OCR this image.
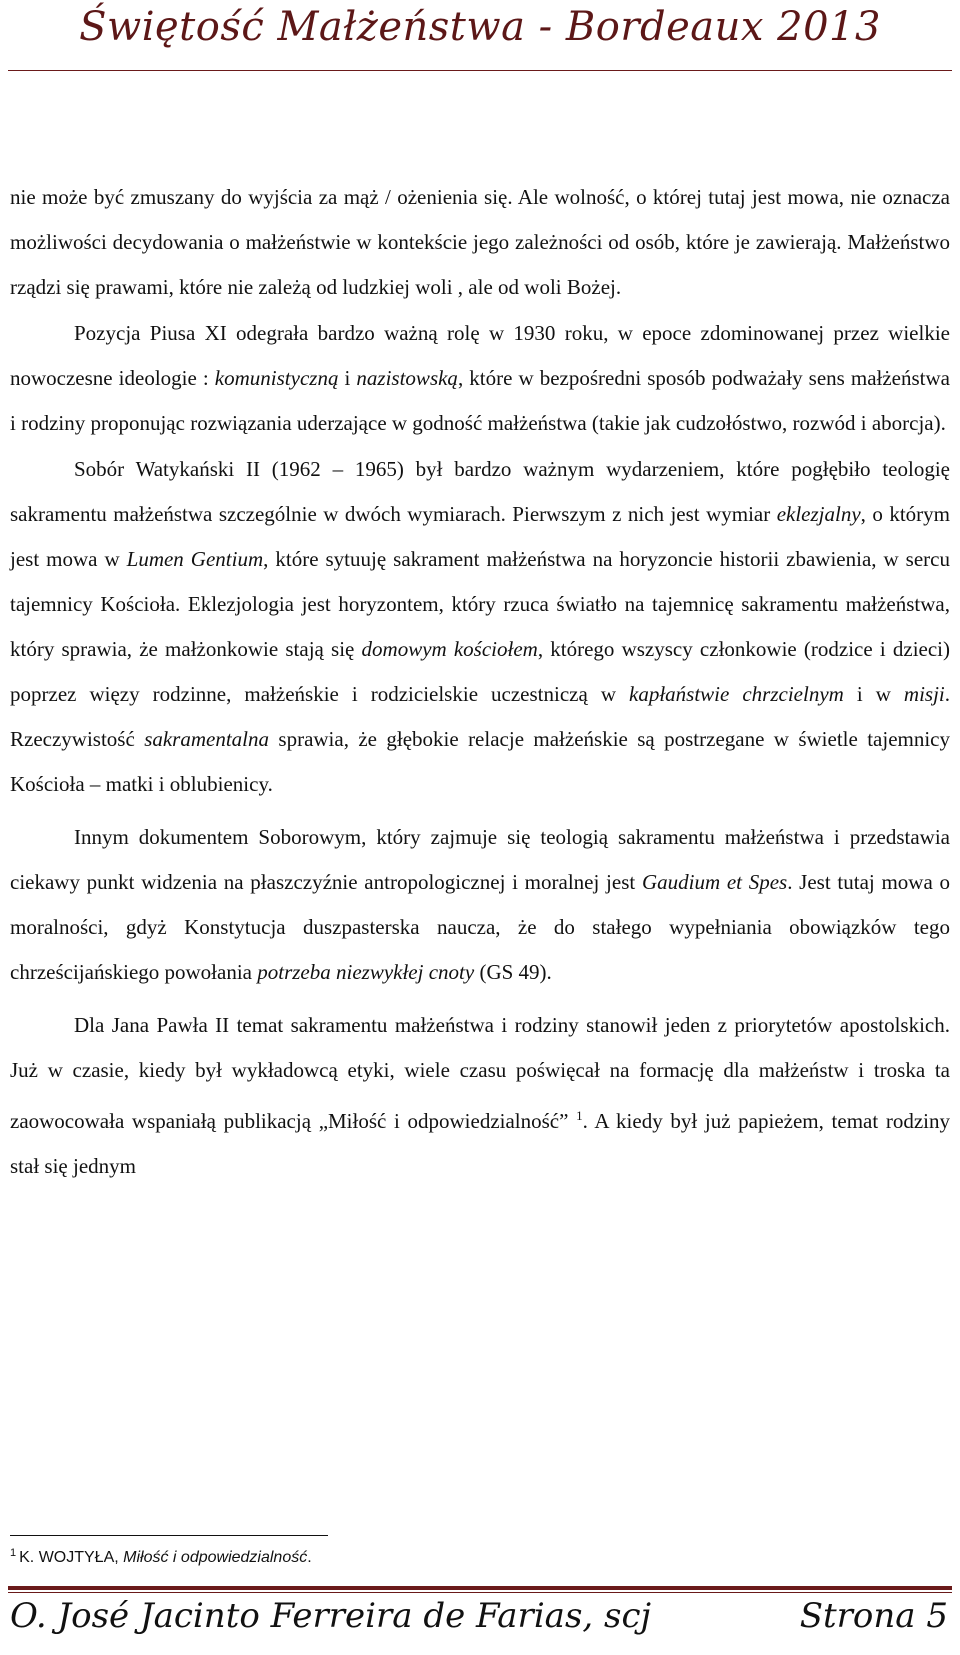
Świętość Małżeństwa - Bordeaux 2013

nie może być zmuszany do wyjścia za mąż / ożenienia się. Ale wolność, o której tutaj jest mowa, nie oznacza możliwości decydowania o małżeństwie w kontekście jego zależności od osób, które je zawierają. Małżeństwo rządzi się prawami, które nie zależą od ludzkiej woli , ale od woli Bożej.

Pozycja Piusa XI odegrała bardzo ważną rolę w 1930 roku, w epoce zdominowanej przez wielkie nowoczesne ideologie : komunistyczną i nazistowską, które w bezpośredni sposób podważały sens małżeństwa i rodziny proponując rozwiązania uderzające w godność małżeństwa (takie jak cudzołóstwo, rozwód i aborcja).

Sobór Watykański II (1962 – 1965) był bardzo ważnym wydarzeniem, które pogłębiło teologię sakramentu małżeństwa szczególnie w dwóch wymiarach. Pierwszym z nich jest wymiar eklezjalny, o którym jest mowa w Lumen Gentium, które sytuuję sakrament małżeństwa na horyzoncie historii zbawienia, w sercu tajemnicy Kościoła. Eklezjologia jest horyzontem, który rzuca światło na tajemnicę sakramentu małżeństwa, który sprawia, że małżonkowie stają się domowym kościołem, którego wszyscy członkowie (rodzice i dzieci) poprzez więzy rodzinne, małżeńskie i rodzicielskie uczestniczą w kapłaństwie chrzcielnym i w misji. Rzeczywistość sakramentalna sprawia, że głębokie relacje małżeńskie są postrzegane w świetle tajemnicy Kościoła – matki i oblubienicy.

Innym dokumentem Soborowym, który zajmuje się teologią sakramentu małżeństwa i przedstawia ciekawy punkt widzenia na płaszczyźnie antropologicznej i moralnej jest Gaudium et Spes. Jest tutaj mowa o moralności, gdyż Konstytucja duszpasterska naucza, że do stałego wypełniania obowiązków tego chrześcijańskiego powołania potrzeba niezwykłej cnoty (GS 49).

Dla Jana Pawła II temat sakramentu małżeństwa i rodziny stanowił jeden z priorytetów apostolskich. Już w czasie, kiedy był wykładowcą etyki, wiele czasu poświęcał na formację dla małżeństw i troska ta zaowocowała wspaniałą publikacją „Miłość i odpowiedzialność” $^1$. A kiedy był już papieżem, temat rodziny stał się jednym

$^1$ K. WOJTYŁA, Miłość i odpowiedzialność.
O. José Jacinto Ferreira de Farias, scj	Strona 5
